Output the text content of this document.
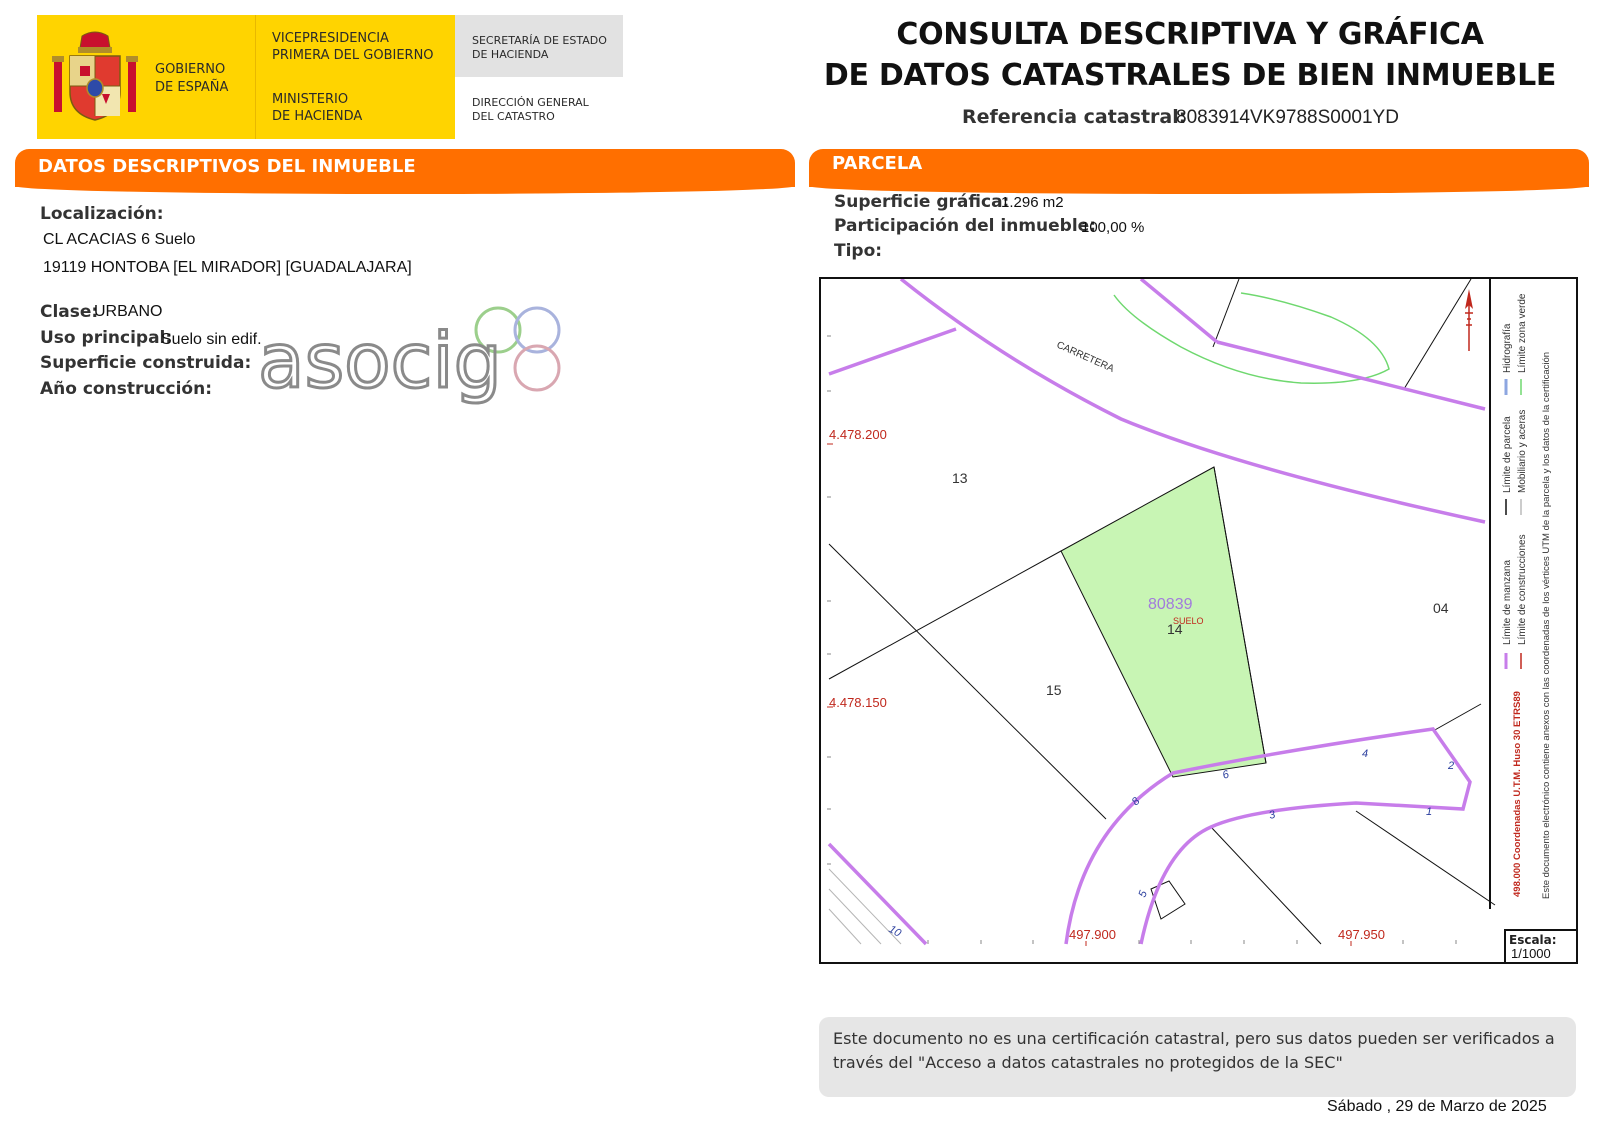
GOBIERNO
DE ESPAÑA
VICEPRESIDENCIA
PRIMERA DEL GOBIERNO
MINISTERIO
DE HACIENDA
SECRETARÍA DE ESTADO
DE HACIENDA
DIRECCIÓN GENERAL
DEL CATASTRO
CONSULTA DESCRIPTIVA Y GRÁFICA
DE DATOS CATASTRALES DE BIEN INMUEBLE
Referencia catastral:
8083914VK9788S0001YD
DATOS DESCRIPTIVOS DEL INMUEBLE	PARCELA
Localización:
CL ACACIAS 6 Suelo
19119 HONTOBA [EL MIRADOR] [GUADALAJARA]
Clase:
URBANO
Uso principal:
Suelo sin edif.
Superficie construida:
Año construcción: asocig
Superficie gráfica:
1.296 m2
Participación del inmueble:
100,00 %
Tipo:
4.478.200
4.478.150
497.900	497.950
CARRETERA
13
15
04
14
80839
SUELO
4
6
8
2
3	1
5
10
Límite de manzana
Límite de parcela
Hidrografía
Límite de construcciones
Mobiliario y aceras
Límite zona verde
498.000 Coordenadas U.T.M. Huso 30 ETRS89 Este documento electrónico contiene anexos con las coordenadas de los vértices UTM de la parcela y los datos de la certificación
Escala:
1/1000
Este documento no es una certificación catastral, pero sus datos pueden ser verificados a través del "Acceso a datos catastrales no protegidos de la SEC"
Sábado , 29 de Marzo de 2025
